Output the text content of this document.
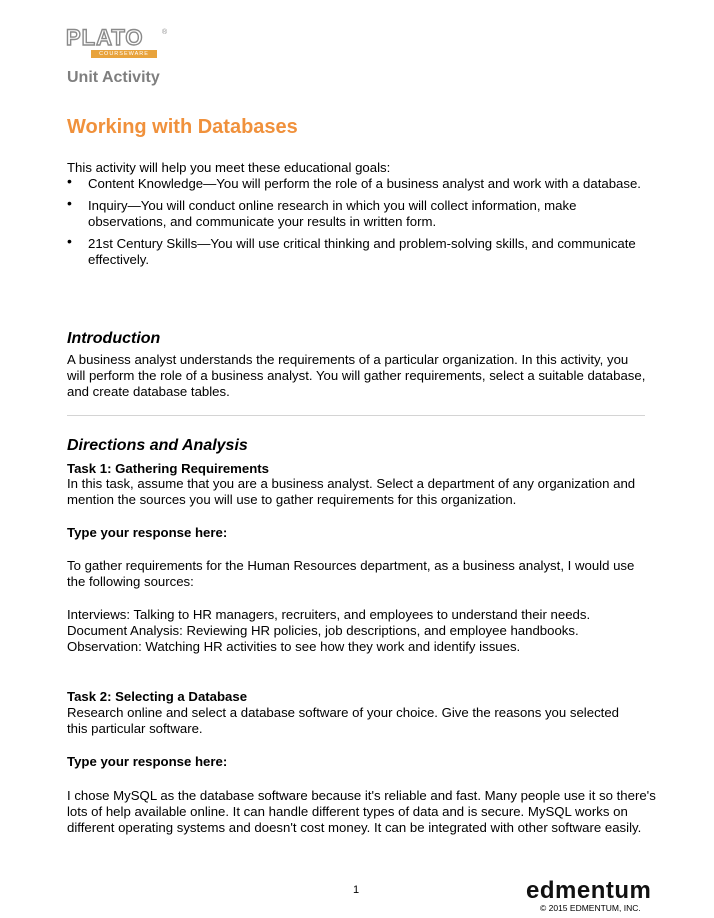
PLATO	®
COURSEWARE
Unit Activity
Working with Databases
This activity will help you meet these educational goals:
• Content Knowledge—You will perform the role of a business analyst and work with a database.
• Inquiry—You will conduct online research in which you will collect information, make observations, and communicate your results in written form.
• 21st Century Skills—You will use critical thinking and problem-solving skills, and communicate effectively.
Introduction
A business analyst understands the requirements of a particular organization. In this activity, you will perform the role of a business analyst. You will gather requirements, select a suitable database, and create database tables.
Directions and Analysis
Task 1: Gathering Requirements
In this task, assume that you are a business analyst. Select a department of any organization and mention the sources you will use to gather requirements for this organization.
Type your response here:
To gather requirements for the Human Resources department, as a business analyst, I would use the following sources:
Interviews: Talking to HR managers, recruiters, and employees to understand their needs.
Document Analysis: Reviewing HR policies, job descriptions, and employee handbooks.
Observation: Watching HR activities to see how they work and identify issues.
Task 2: Selecting a Database
Research online and select a database software of your choice. Give the reasons you selected this particular software.
Type your response here:
I chose MySQL as the database software because it's reliable and fast. Many people use it so there's lots of help available online. It can handle different types of data and is secure. MySQL works on different operating systems and doesn't cost money. It can be integrated with other software easily.
1	edmentum
© 2015 EDMENTUM, INC.
